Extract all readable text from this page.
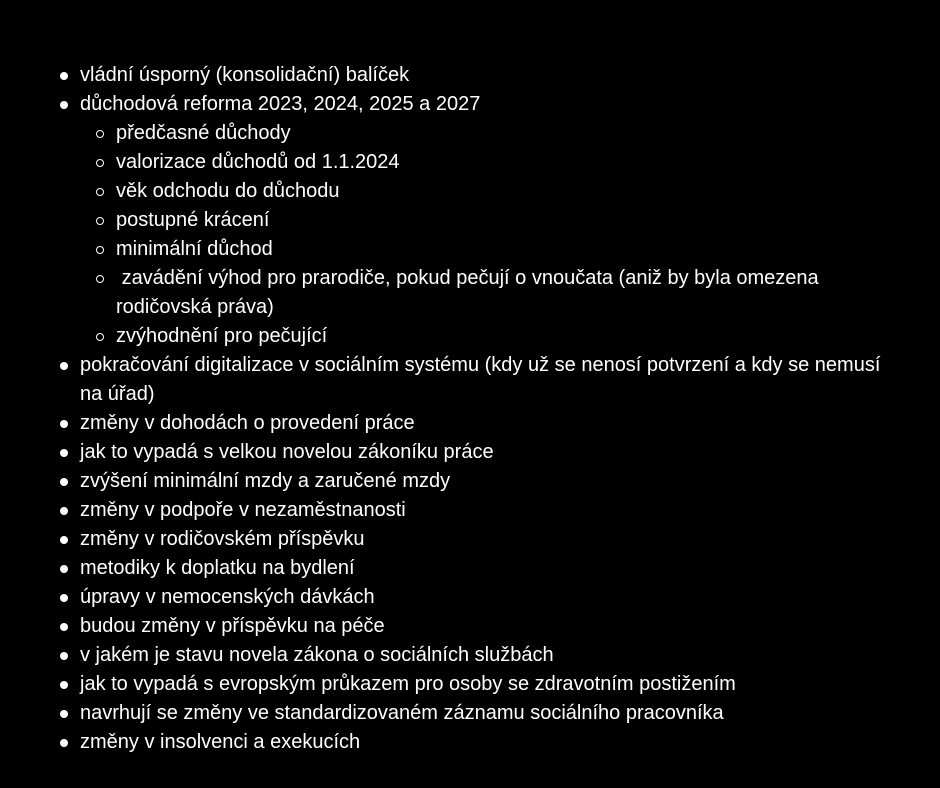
vládní úsporný (konsolidační) balíček
důchodová reforma 2023, 2024, 2025 a 2027
předčasné důchody
valorizace důchodů od 1.1.2024
věk odchodu do důchodu
postupné krácení
minimální důchod
zavádění výhod pro prarodiče, pokud pečují o vnoučata (aniž by byla omezena rodičovská práva)
zvýhodnění pro pečující
pokračování digitalizace v sociálním systému (kdy už se nenosí potvrzení a kdy se nemusí na úřad)
změny v dohodách o provedení práce
jak to vypadá s velkou novelou zákoníku práce
zvýšení minimální mzdy a zaručené mzdy
změny v podpoře v nezaměstnanosti
změny v rodičovském příspěvku
metodiky k doplatku na bydlení
úpravy v nemocenských dávkách
budou změny v příspěvku na péče
v jakém je stavu novela zákona o sociálních službách
jak to vypadá s evropským průkazem pro osoby se zdravotním postižením
navrhují se změny ve standardizovaném záznamu sociálního pracovníka
změny v insolvenci a exekucích
